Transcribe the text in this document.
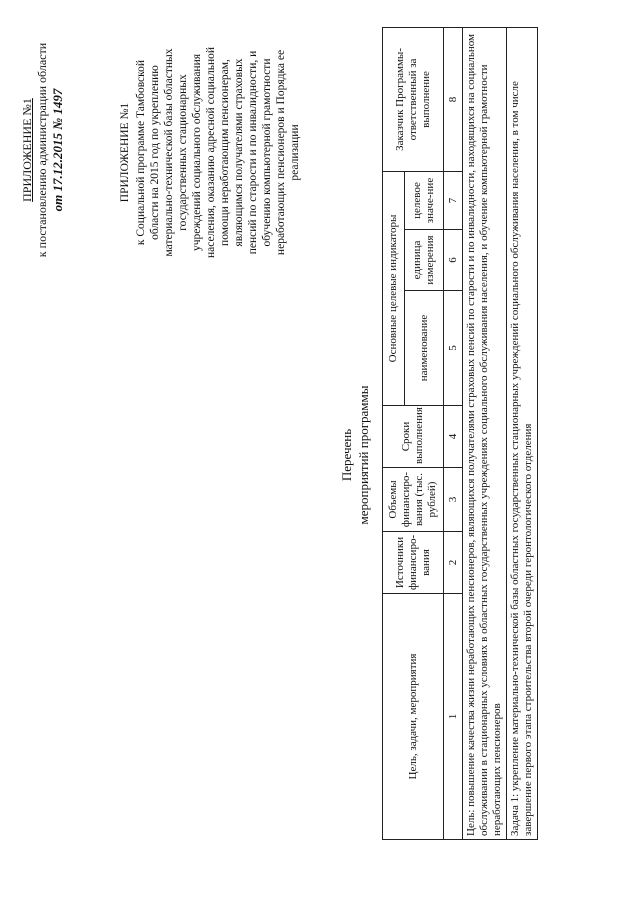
ПРИЛОЖЕНИЕ №1 к постановлению администрации области от 17.12.2015 № 1497	ПРИЛОЖЕНИЕ №1 к Социальной программе Тамбовской области на 2015 год по укреплению материально-технической базы областных государственных стационарных учреждений социального обслуживания населения, оказанию адресной социальной помощи неработающим пенсионерам, являющимся получателями страховых пенсий по старости и по инвалидности, и обучению компьютерной грамотности неработающих пенсионеров и Порядка ее реализации
Перечень мероприятий программы
Цель, задачи, мероприятия	Источники финансиро-вания	Объемы финансиро-вания (тыс. рублей)	Сроки выполнения	Основные целевые индикаторы			Заказчик Программы-ответственный за выполнение
				наименование	единица измерения	целевое значе-ние	
1	2	3	4	5	6	7	8
Цель: повышение качества жизни неработающих пенсионеров, являющихся получателями страховых пенсий по старости и по инвалидности, находящихся на социальном обслуживании в стационарных условиях в областных государственных учреждениях социального обслуживания населения, и обучение компьютерной грамотности неработающих пенсионеров							
Задача 1: укрепление материально-технической базы областных государственных стационарных учреждений социального обслуживания населения, в том числе завершение первого этапа строительства второй очереди геронтологического отделения							
